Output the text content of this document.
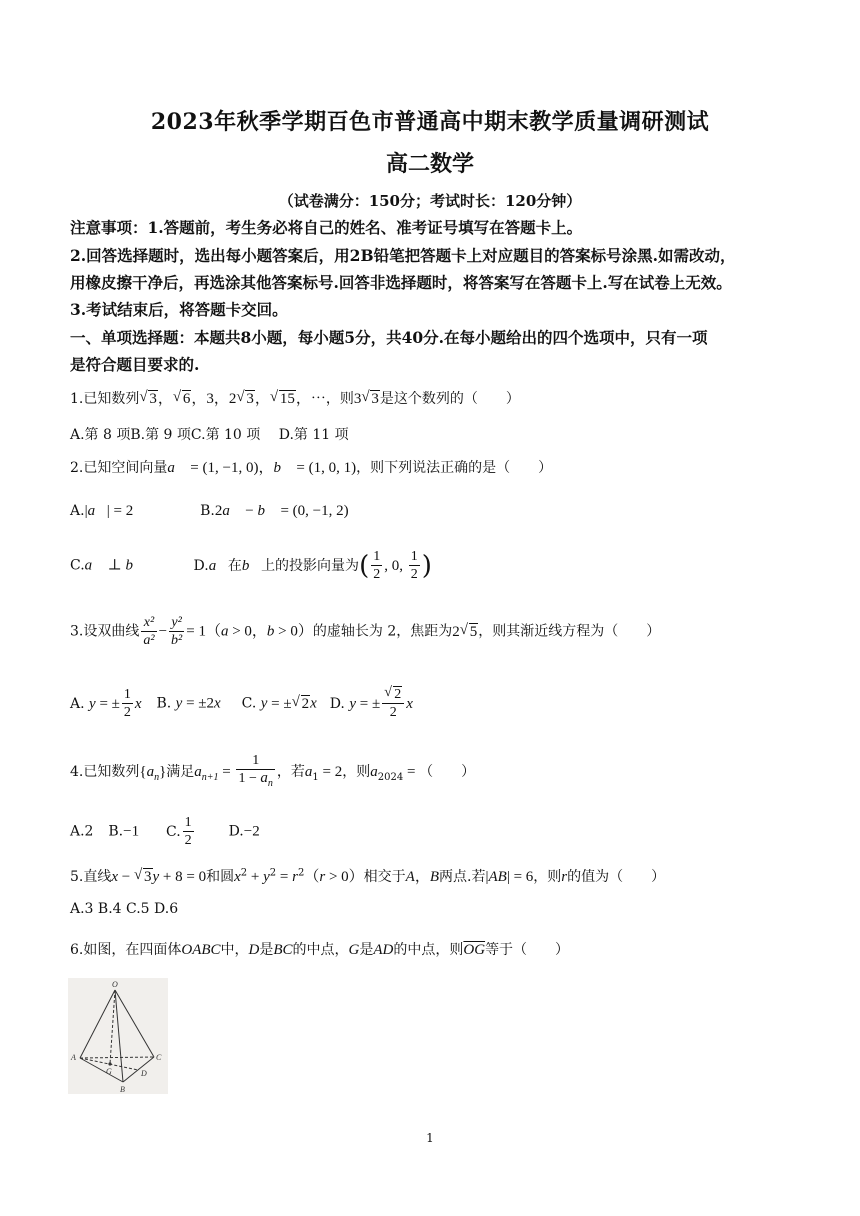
2023年秋季学期百色市普通高中期末教学质量调研测试
高二数学
（试卷满分：150分；考试时长：120分钟）
注意事项：1.答题前，考生务必将自己的姓名、准考证号填写在答题卡上。
2.回答选择题时，选出每小题答案后，用2B铅笔把答题卡上对应题目的答案标号涂黑.如需改动，
用橡皮擦干净后，再选涂其他答案标号.回答非选择题时，将答案写在答题卡上.写在试卷上无效。
3.考试结束后，将答题卡交回。
一、单项选择题：本题共8小题，每小题5分，共40分.在每小题给出的四个选项中，只有一项
是符合题目要求的.
1.已知数列 √ 3， √ 6，3，2 √ 3， √ 15，⋯，则3 √ 3是这个数列的（　　）
A.第 8 项B.第 9 项C.第 10 项　 D.第 11 项
2.已知空间向量a⃗ = (1, −1, 0)，b⃗ = (1, 0, 1)，则下列说法正确的是（　　）
A.|a⃗| = 2	B.2a⃗ − b⃗ = (0, −1, 2)
C.a⃗ ⊥ b⃗	D.a⃗在b⃗上的投影向量为( $\frac{1}{2}$ , 0, $\frac{1}{2}$ )
3.设双曲线 $\frac{\text{x²}}{\text{a²}} - \frac{\text{y²}}{\text{b²}} = 1(a > 0$，b > 0）的虚轴长为 2，焦距为2 √ 5，则其渐近线方程为（　　）
A. y = ± $\frac{1}{2}$ x B. y = ±2x C. y = ± √ 2x D. y = ± √ $\frac{2}{2}$ x
4.已知数列$\{a_n\}$满足$a_{n+1} = \frac{1}{1 - a_n}$ ，若$a_1 = 2$，则$a_{2024}$ = （　　）
A.2 B.−1 C. $\frac{1}{2} D.-2$
5.直线x − √ 3y + 8 = 0和圆$x^2 + y^2 = r^2(r > 0)$相交于A，B两点.若|AB| = 6，则r的值为（　　）
A.3 B.4 C.5 D.6
6.如图，在四面体OABC中，D是BC的中点，G是AD的中点，则$\overline{OG}$等于（　　）
O
A	C
G	D
B
1
